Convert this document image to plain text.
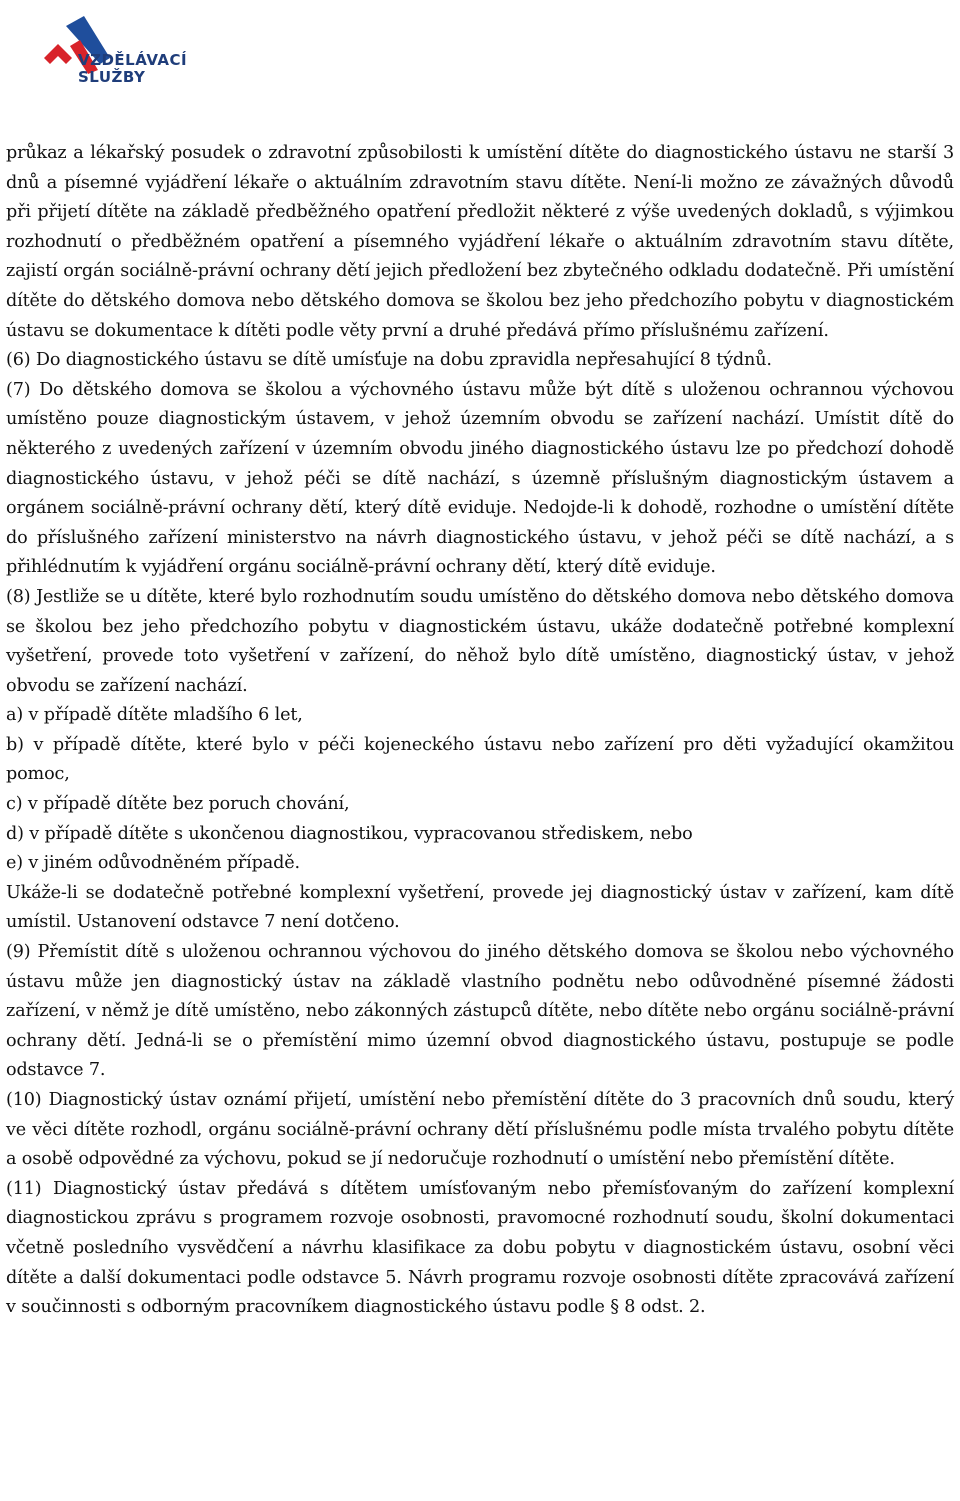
VZDĚLÁVACÍ
SLUŽBY

průkaz a lékařský posudek o zdravotní způsobilosti k umístění dítěte do diagnostického ústavu ne starší 3 dnů a písemné vyjádření lékaře o aktuálním zdravotním stavu dítěte. Není-li možno ze závažných důvodů při přijetí dítěte na základě předběžného opatření předložit některé z výše uvedených dokladů, s výjimkou rozhodnutí o předběžném opatření a písemného vyjádření lékaře o aktuálním zdravotním stavu dítěte, zajistí orgán sociálně-právní ochrany dětí jejich předložení bez zbytečného odkladu dodatečně. Při umístění dítěte do dětského domova nebo dětského domova se školou bez jeho předchozího pobytu v diagnostickém ústavu se dokumentace k dítěti podle věty první a druhé předává přímo příslušnému zařízení.

(6) Do diagnostického ústavu se dítě umísťuje na dobu zpravidla nepřesahující 8 týdnů.

(7) Do dětského domova se školou a výchovného ústavu může být dítě s uloženou ochrannou výchovou umístěno pouze diagnostickým ústavem, v jehož územním obvodu se zařízení nachází. Umístit dítě do některého z uvedených zařízení v územním obvodu jiného diagnostického ústavu lze po předchozí dohodě diagnostického ústavu, v jehož péči se dítě nachází, s územně příslušným diagnostickým ústavem a orgánem sociálně-právní ochrany dětí, který dítě eviduje. Nedojde-li k dohodě, rozhodne o umístění dítěte do příslušného zařízení ministerstvo na návrh diagnostického ústavu, v jehož péči se dítě nachází, a s přihlédnutím k vyjádření orgánu sociálně-právní ochrany dětí, který dítě eviduje.

(8) Jestliže se u dítěte, které bylo rozhodnutím soudu umístěno do dětského domova nebo dětského domova se školou bez jeho předchozího pobytu v diagnostickém ústavu, ukáže dodatečně potřebné komplexní vyšetření, provede toto vyšetření v zařízení, do něhož bylo dítě umístěno, diagnostický ústav, v jehož obvodu se zařízení nachází.

a) v případě dítěte mladšího 6 let,

b) v případě dítěte, které bylo v péči kojeneckého ústavu nebo zařízení pro děti vyžadující okamžitou pomoc,

c) v případě dítěte bez poruch chování,

d) v případě dítěte s ukončenou diagnostikou, vypracovanou střediskem, nebo

e) v jiném odůvodněném případě.

Ukáže-li se dodatečně potřebné komplexní vyšetření, provede jej diagnostický ústav v zařízení, kam dítě umístil. Ustanovení odstavce 7 není dotčeno.

(9) Přemístit dítě s uloženou ochrannou výchovou do jiného dětského domova se školou nebo výchovného ústavu může jen diagnostický ústav na základě vlastního podnětu nebo odůvodněné písemné žádosti zařízení, v němž je dítě umístěno, nebo zákonných zástupců dítěte, nebo dítěte nebo orgánu sociálně-právní ochrany dětí. Jedná-li se o přemístění mimo územní obvod diagnostického ústavu, postupuje se podle odstavce 7.

(10) Diagnostický ústav oznámí přijetí, umístění nebo přemístění dítěte do 3 pracovních dnů soudu, který ve věci dítěte rozhodl, orgánu sociálně-právní ochrany dětí příslušnému podle místa trvalého pobytu dítěte a osobě odpovědné za výchovu, pokud se jí nedoručuje rozhodnutí o umístění nebo přemístění dítěte.

(11) Diagnostický ústav předává s dítětem umísťovaným nebo přemísťovaným do zařízení komplexní diagnostickou zprávu s programem rozvoje osobnosti, pravomocné rozhodnutí soudu, školní dokumentaci včetně posledního vysvědčení a návrhu klasifikace za dobu pobytu v diagnostickém ústavu, osobní věci dítěte a další dokumentaci podle odstavce 5. Návrh programu rozvoje osobnosti dítěte zpracovává zařízení v součinnosti s odborným pracovníkem diagnostického ústavu podle § 8 odst. 2.
